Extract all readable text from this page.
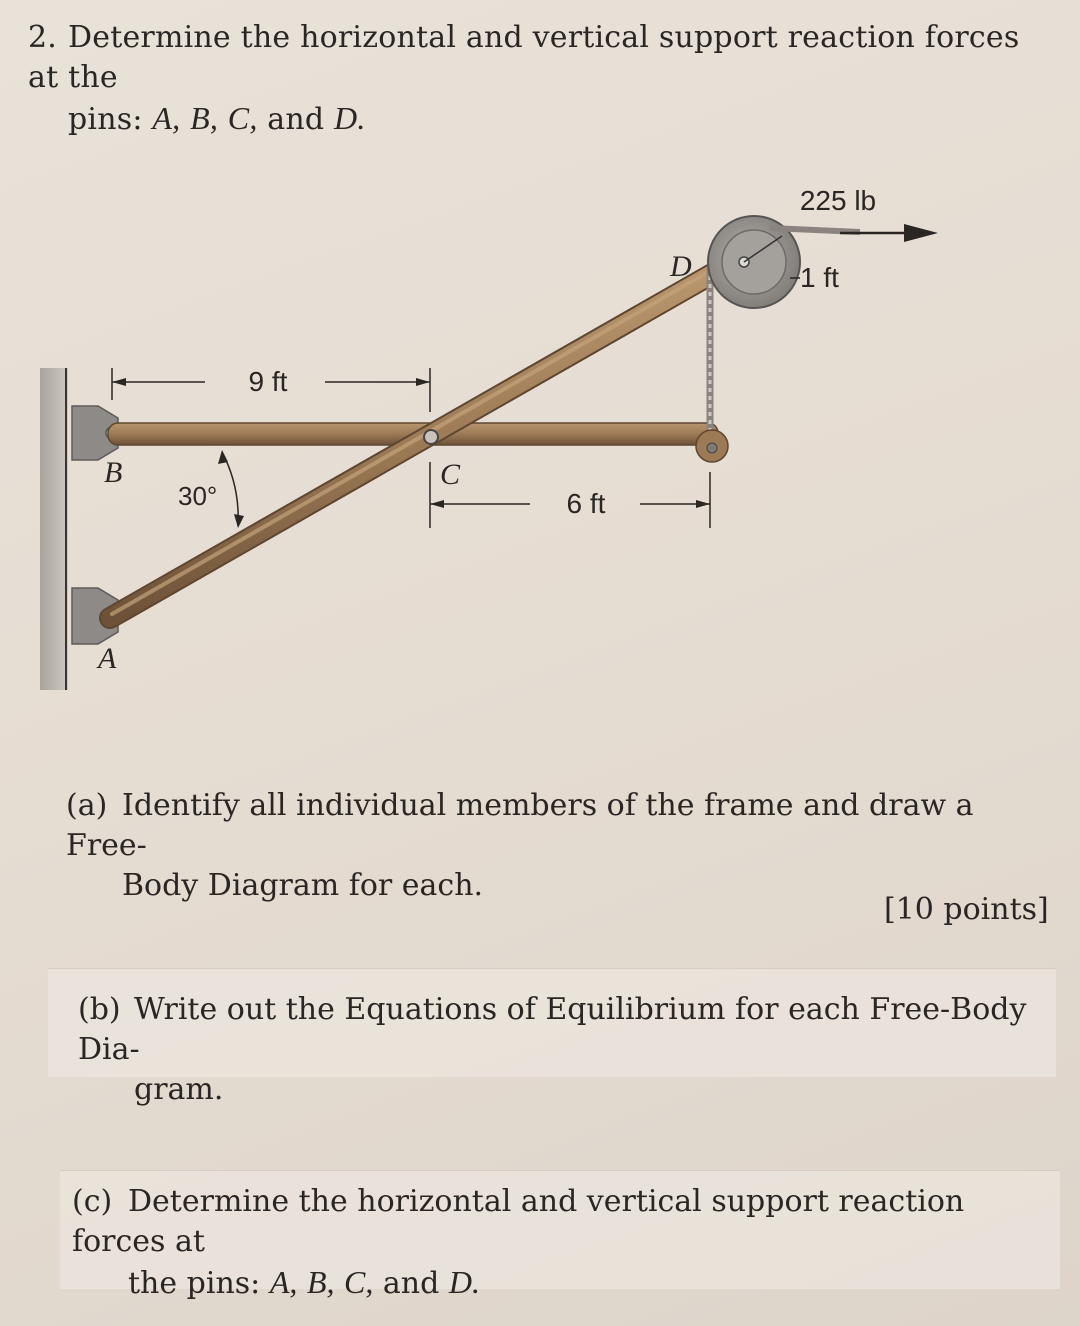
2. Determine the horizontal and vertical support reaction forces at the
pins: A, B, C, and D.
225 lb
1 ft
9 ft
6 ft
30°
B
A
C
D
(a) Identify all individual members of the frame and draw a Free-
Body Diagram for each.
[10 points]
(b) Write out the Equations of Equilibrium for each Free-Body Dia-
gram.
(c) Determine the horizontal and vertical support reaction forces at
the pins: A, B, C, and D.
